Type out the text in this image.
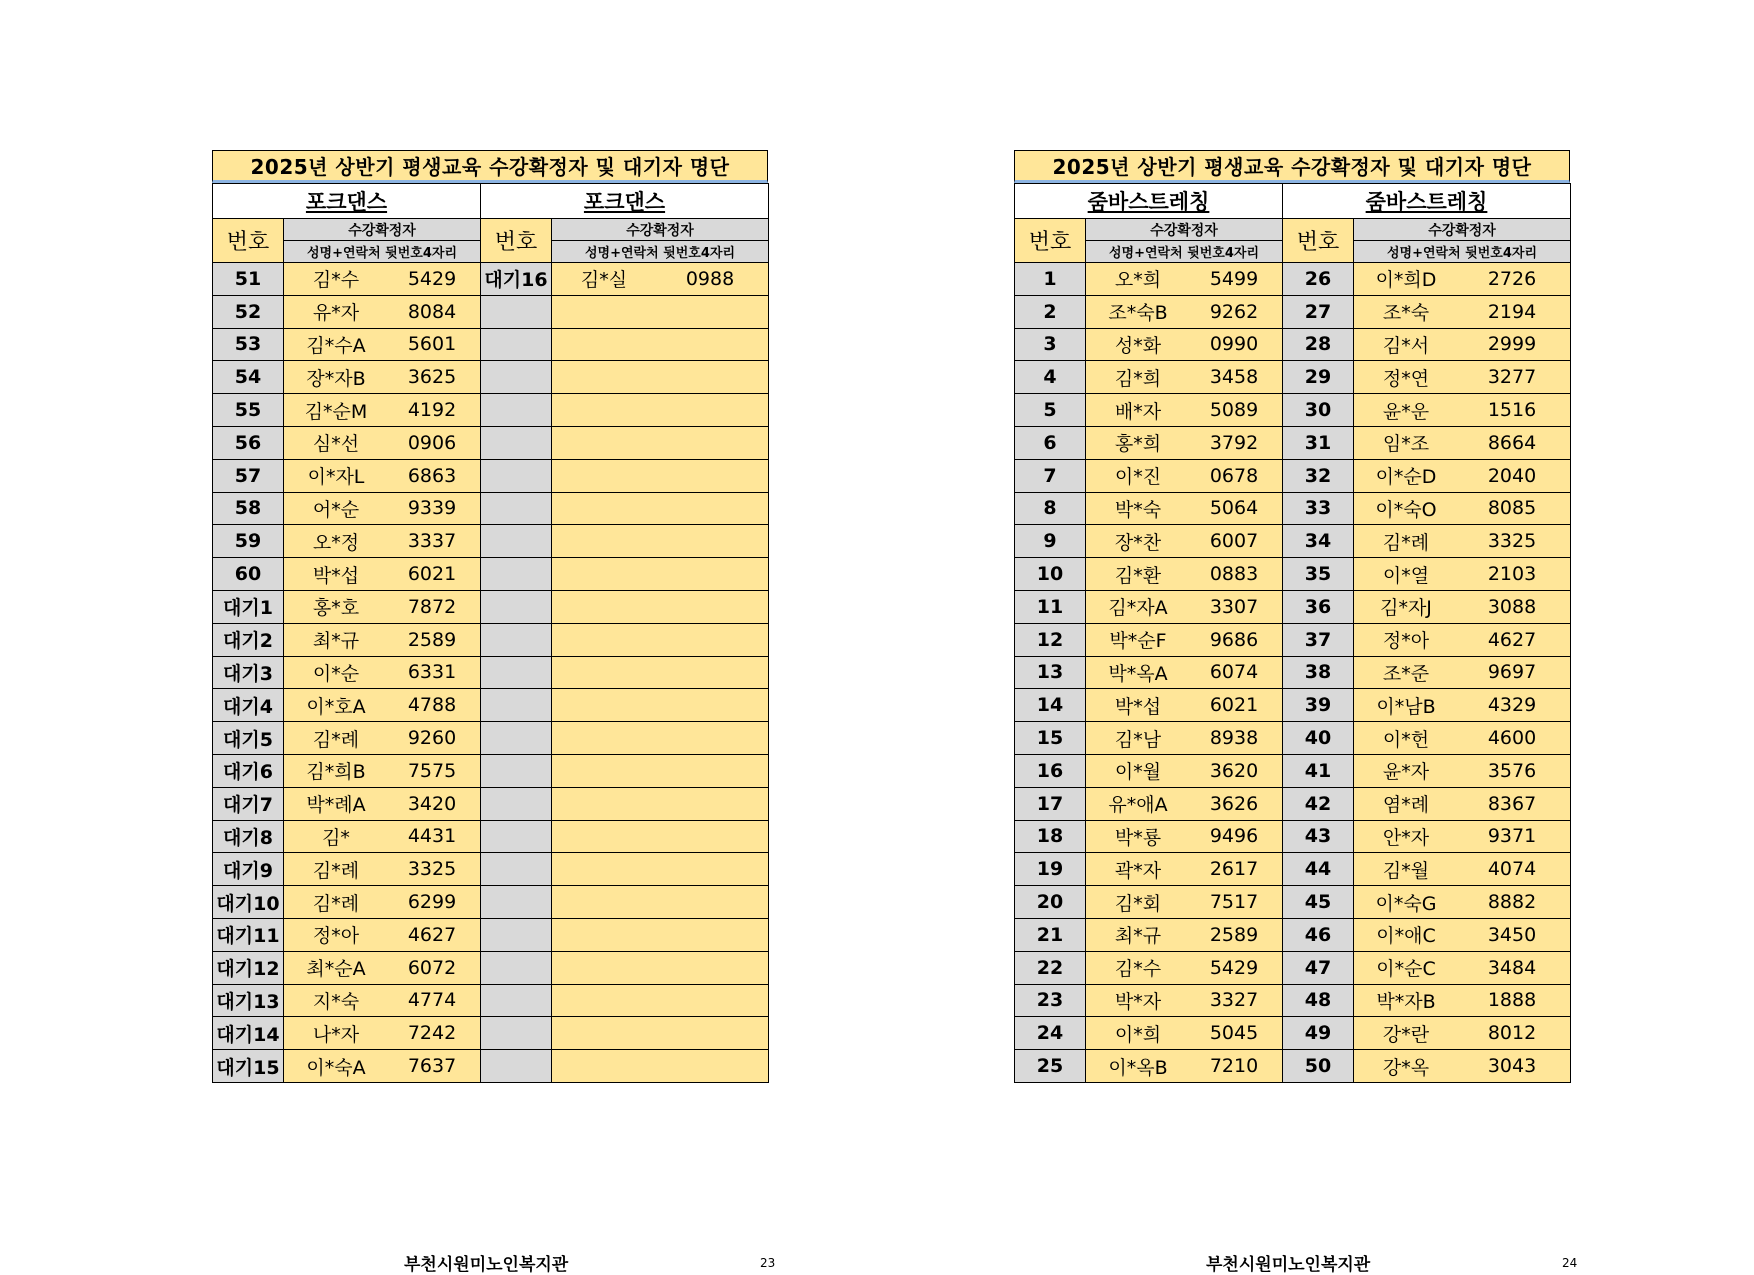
2025년 상반기 평생교육 수강확정자 및 대기자 명단
포크댄스		포크댄스	
번호	수강확정자	번호	수강확정자
	성명+연락처 뒷번호4자리		성명+연락처 뒷번호4자리
51	김*수 5429	대기16	김*실 0988

52	유*자 8084		

53	김*수A 5601		

54	장*자B 3625		

55	김*순M 4192		

56	심*선 0906		

57	이*자L 6863		

58	어*순 9339		

59	오*정 3337		

60	박*섭 6021		

대기1	홍*호 7872		

대기2	최*규 2589		

대기3	이*순 6331		

대기4	이*호A 4788		

대기5	김*례 9260		

대기6	김*희B 7575		

대기7	박*례A 3420		

대기8	김* 4431		

대기9	김*례 3325		

대기10	김*례 6299		

대기11	정*아 4627		

대기12	최*순A 6072		

대기13	지*숙 4774		

대기14	나*자 7242		

대기15	이*숙A 7637		

부천시원미노인복지관	23
2025년 상반기 평생교육 수강확정자 및 대기자 명단
줌바스트레칭		줌바스트레칭	
번호	수강확정자	번호	수강확정자
	성명+연락처 뒷번호4자리		성명+연락처 뒷번호4자리
1	오*희 5499	26	이*희D 2726

2	조*숙B 9262	27	조*숙 2194

3	성*화 0990	28	김*서 2999

4	김*희 3458	29	정*연 3277

5	배*자 5089	30	윤*운 1516

6	홍*희 3792	31	임*조 8664

7	이*진 0678	32	이*순D 2040

8	박*숙 5064	33	이*숙O 8085

9	장*찬 6007	34	김*례 3325

10	김*환 0883	35	이*열 2103

11	김*자A 3307	36	김*자J 3088

12	박*순F 9686	37	정*아 4627

13	박*옥A 6074	38	조*준 9697

14	박*섭 6021	39	이*남B 4329

15	김*남 8938	40	이*헌 4600

16	이*월 3620	41	윤*자 3576

17	유*애A 3626	42	염*례 8367

18	박*룡 9496	43	안*자 9371

19	곽*자 2617	44	김*월 4074

20	김*회 7517	45	이*숙G 8882

21	최*규 2589	46	이*애C 3450

22	김*수 5429	47	이*순C 3484

23	박*자 3327	48	박*자B 1888

24	이*희 5045	49	강*란 8012

25	이*옥B 7210	50	강*옥 3043
부천시원미노인복지관	24
